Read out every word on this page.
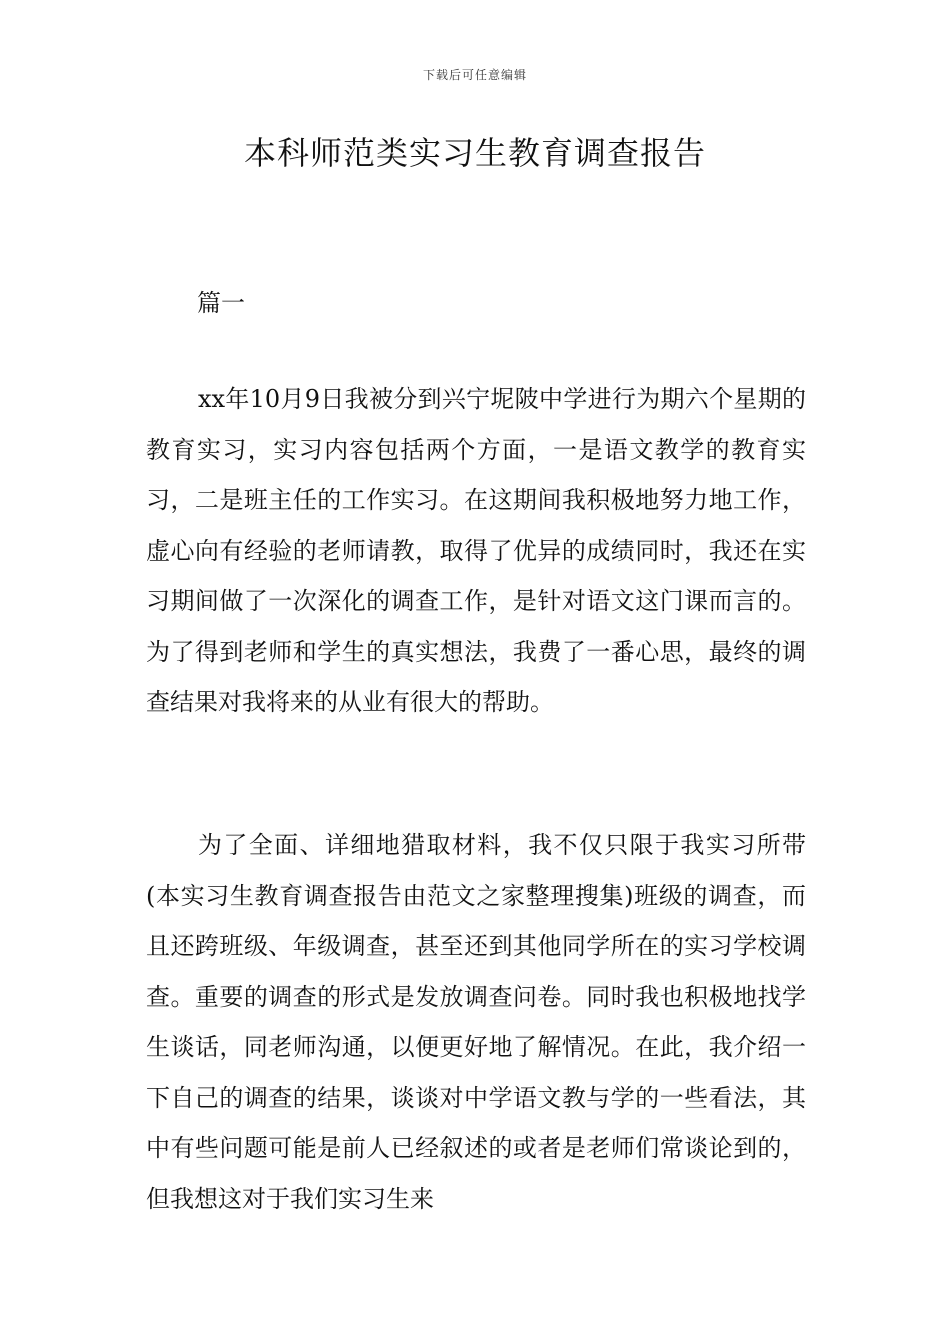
下载后可任意编辑
本科师范类实习生教育调查报告

篇一

xx年10月9日我被分到兴宁坭陂中学进行为期六个星期的教育实习，实习内容包括两个方面，一是语文教学的教育实习，二是班主任的工作实习。在这期间我积极地努力地工作，虚心向有经验的老师请教，取得了优异的成绩同时，我还在实习期间做了一次深化的调查工作，是针对语文这门课而言的。为了得到老师和学生的真实想法，我费了一番心思，最终的调查结果对我将来的从业有很大的帮助。

为了全面、详细地猎取材料，我不仅只限于我实习所带(本实习生教育调查报告由范文之家整理搜集)班级的调查，而且还跨班级、年级调查，甚至还到其他同学所在的实习学校调查。重要的调查的形式是发放调查问卷。同时我也积极地找学生谈话，同老师沟通，以便更好地了解情况。在此，我介绍一下自己的调查的结果，谈谈对中学语文教与学的一些看法，其中有些问题可能是前人已经叙述的或者是老师们常谈论到的，但我想这对于我们实习生来
